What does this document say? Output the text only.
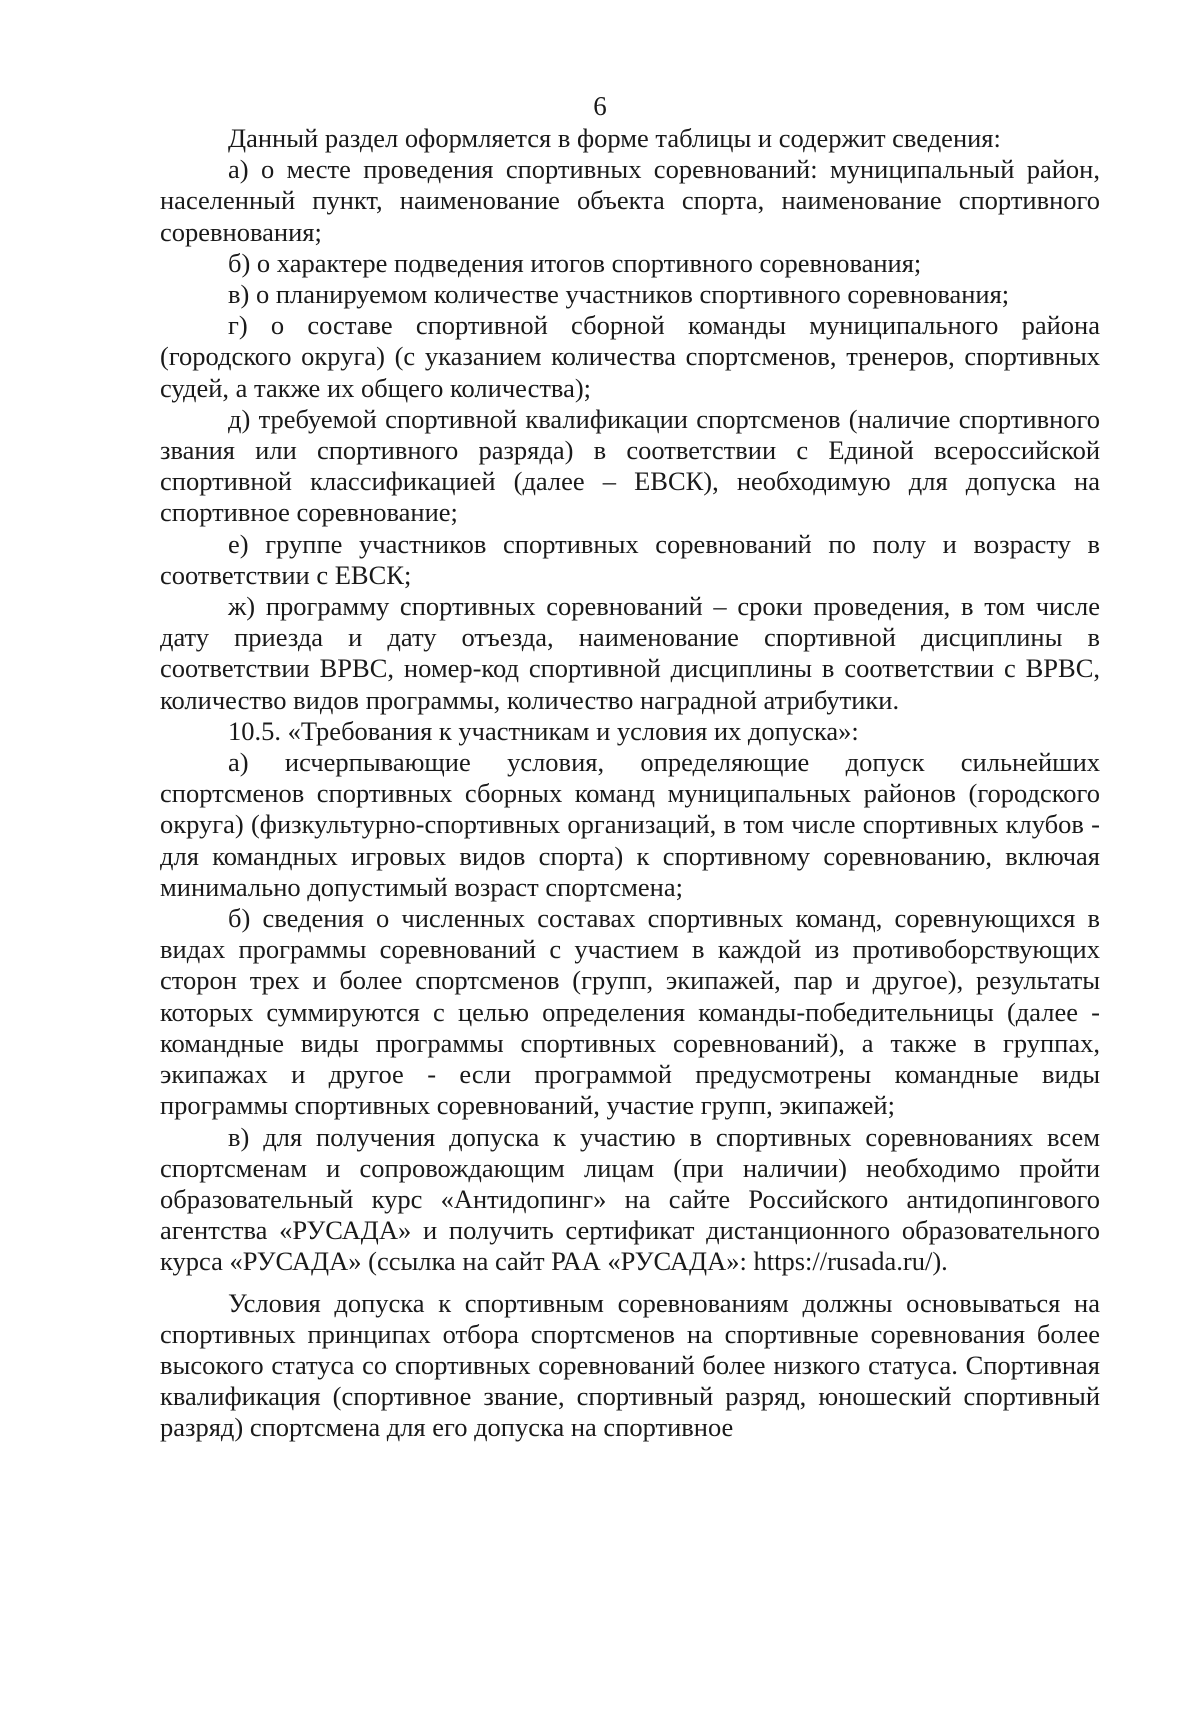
6

Данный раздел оформляется в форме таблицы и содержит сведения:

а) о месте проведения спортивных соревнований: муниципальный район, населенный пункт, наименование объекта спорта, наименование спортивного соревнования;

б) о характере подведения итогов спортивного соревнования;

в) о планируемом количестве участников спортивного соревнования;

г) о составе спортивной сборной команды муниципального района (городского округа) (с указанием количества спортсменов, тренеров, спортивных судей, а также их общего количества);

д) требуемой спортивной квалификации спортсменов (наличие спортивного звания или спортивного разряда) в соответствии с Единой всероссийской спортивной классификацией (далее – ЕВСК), необходимую для допуска на спортивное соревнование;

е) группе участников спортивных соревнований по полу и возрасту в соответствии с ЕВСК;

ж) программу спортивных соревнований – сроки проведения, в том числе дату приезда и дату отъезда, наименование спортивной дисциплины в соответствии ВРВС, номер-код спортивной дисциплины в соответствии с ВРВС, количество видов программы, количество наградной атрибутики.

10.5. «Требования к участникам и условия их допуска»:

а) исчерпывающие условия, определяющие допуск сильнейших спортсменов спортивных сборных команд муниципальных районов (городского округа) (физкультурно-спортивных организаций, в том числе спортивных клубов - для командных игровых видов спорта) к спортивному соревнованию, включая минимально допустимый возраст спортсмена;

б) сведения о численных составах спортивных команд, соревнующихся в видах программы соревнований с участием в каждой из противоборствующих сторон трех и более спортсменов (групп, экипажей, пар и другое), результаты которых суммируются с целью определения команды-победительницы (далее - командные виды программы спортивных соревнований), а также в группах, экипажах и другое - если программой предусмотрены командные виды программы спортивных соревнований, участие групп, экипажей;

в) для получения допуска к участию в спортивных соревнованиях всем спортсменам и сопровождающим лицам (при наличии) необходимо пройти образовательный курс «Антидопинг» на сайте Российского антидопингового агентства «РУСАДА» и получить сертификат дистанционного образовательного курса «РУСАДА» (ссылка на сайт РАА «РУСАДА»: https://rusada.ru/).

Условия допуска к спортивным соревнованиям должны основываться на спортивных принципах отбора спортсменов на спортивные соревнования более высокого статуса со спортивных соревнований более низкого статуса. Спортивная квалификация (спортивное звание, спортивный разряд, юношеский спортивный разряд) спортсмена для его допуска на спортивное
